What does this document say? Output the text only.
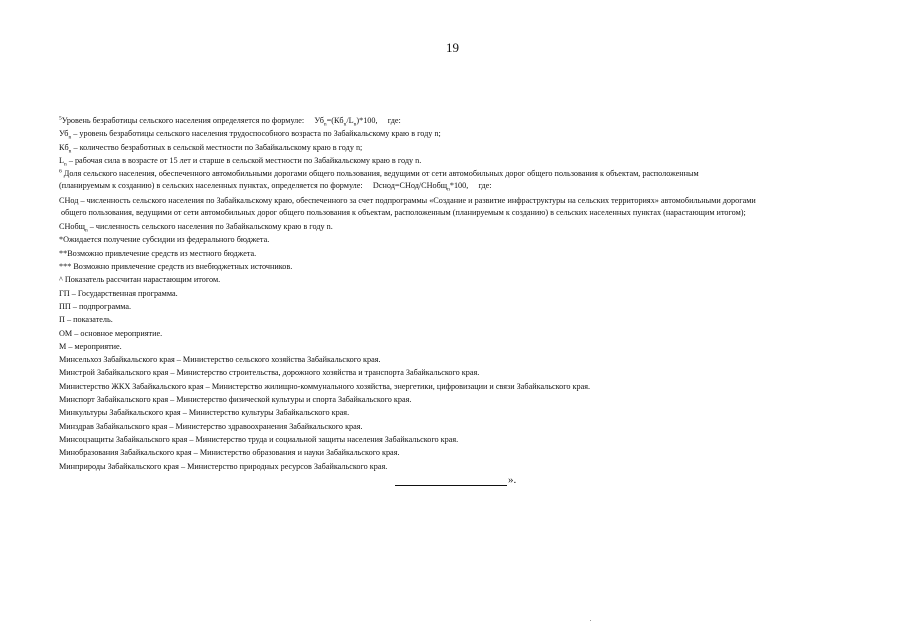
19
$^5$Уровень безработицы сельского населения определяется по формуле: $Уб_n=(Кб_n/L_n)*100$, где:
$Уб_n$ – уровень безработицы сельского населения трудоспособного возраста по Забайкальскому краю в году n;
$Кб_n$ – количество безработных в сельской местности по Забайкальскому краю в году n;
$L_n$ – рабочая сила в возрасте от 15 лет и старше в сельской местности по Забайкальскому краю в году n.
$^6$ Доля сельского населения, обеспеченного автомобильными дорогами общего пользования, ведущими от сети автомобильных дорог общего пользования к объектам, расположенным
(планируемым к созданию) в сельских населенных пунктах, определяется по формуле: Dснод=СНод/СНобщ$_n$*100, где:
СНод – численность сельского населения по Забайкальскому краю, обеспеченного за счет подпрограммы «Создание и развитие инфраструктуры на сельских территориях» автомобильными дорогами
общего пользования, ведущими от сети автомобильных дорог общего пользования к объектам, расположенным (планируемым к созданию) в сельских населенных пунктах (нарастающим итогом);
СНобщ$_n$ – численность сельского населения по Забайкальскому краю в году n.
*Ожидается получение субсидии из федерального бюджета.
**Возможно привлечение средств из местного бюджета.
*** Возможно привлечение средств из внебюджетных источников.
^ Показатель рассчитан нарастающим итогом.
ГП – Государственная программа.
ПП – подпрограмма.
П – показатель.
ОМ – основное мероприятие.
М – мероприятие.
Минсельхоз Забайкальского края – Министерство сельского хозяйства Забайкальского края.
Минстрой Забайкальского края – Министерство строительства, дорожного хозяйства и транспорта Забайкальского края.
Министерство ЖКХ Забайкальского края – Министерство жилищно-коммунального хозяйства, энергетики, цифровизации и связи Забайкальского края.
Минспорт Забайкальского края – Министерство физической культуры и спорта Забайкальского края.
Минкультуры Забайкальского края – Министерство культуры Забайкальского края.
Минздрав Забайкальского края – Министерство здравоохранения Забайкальского края.
Минсоцзащиты Забайкальского края – Министерство труда и социальной защиты населения Забайкальского края.
Минобразования Забайкальского края – Министерство образования и науки Забайкальского края.
Минприроды Забайкальского края – Министерство природных ресурсов Забайкальского края.
».
